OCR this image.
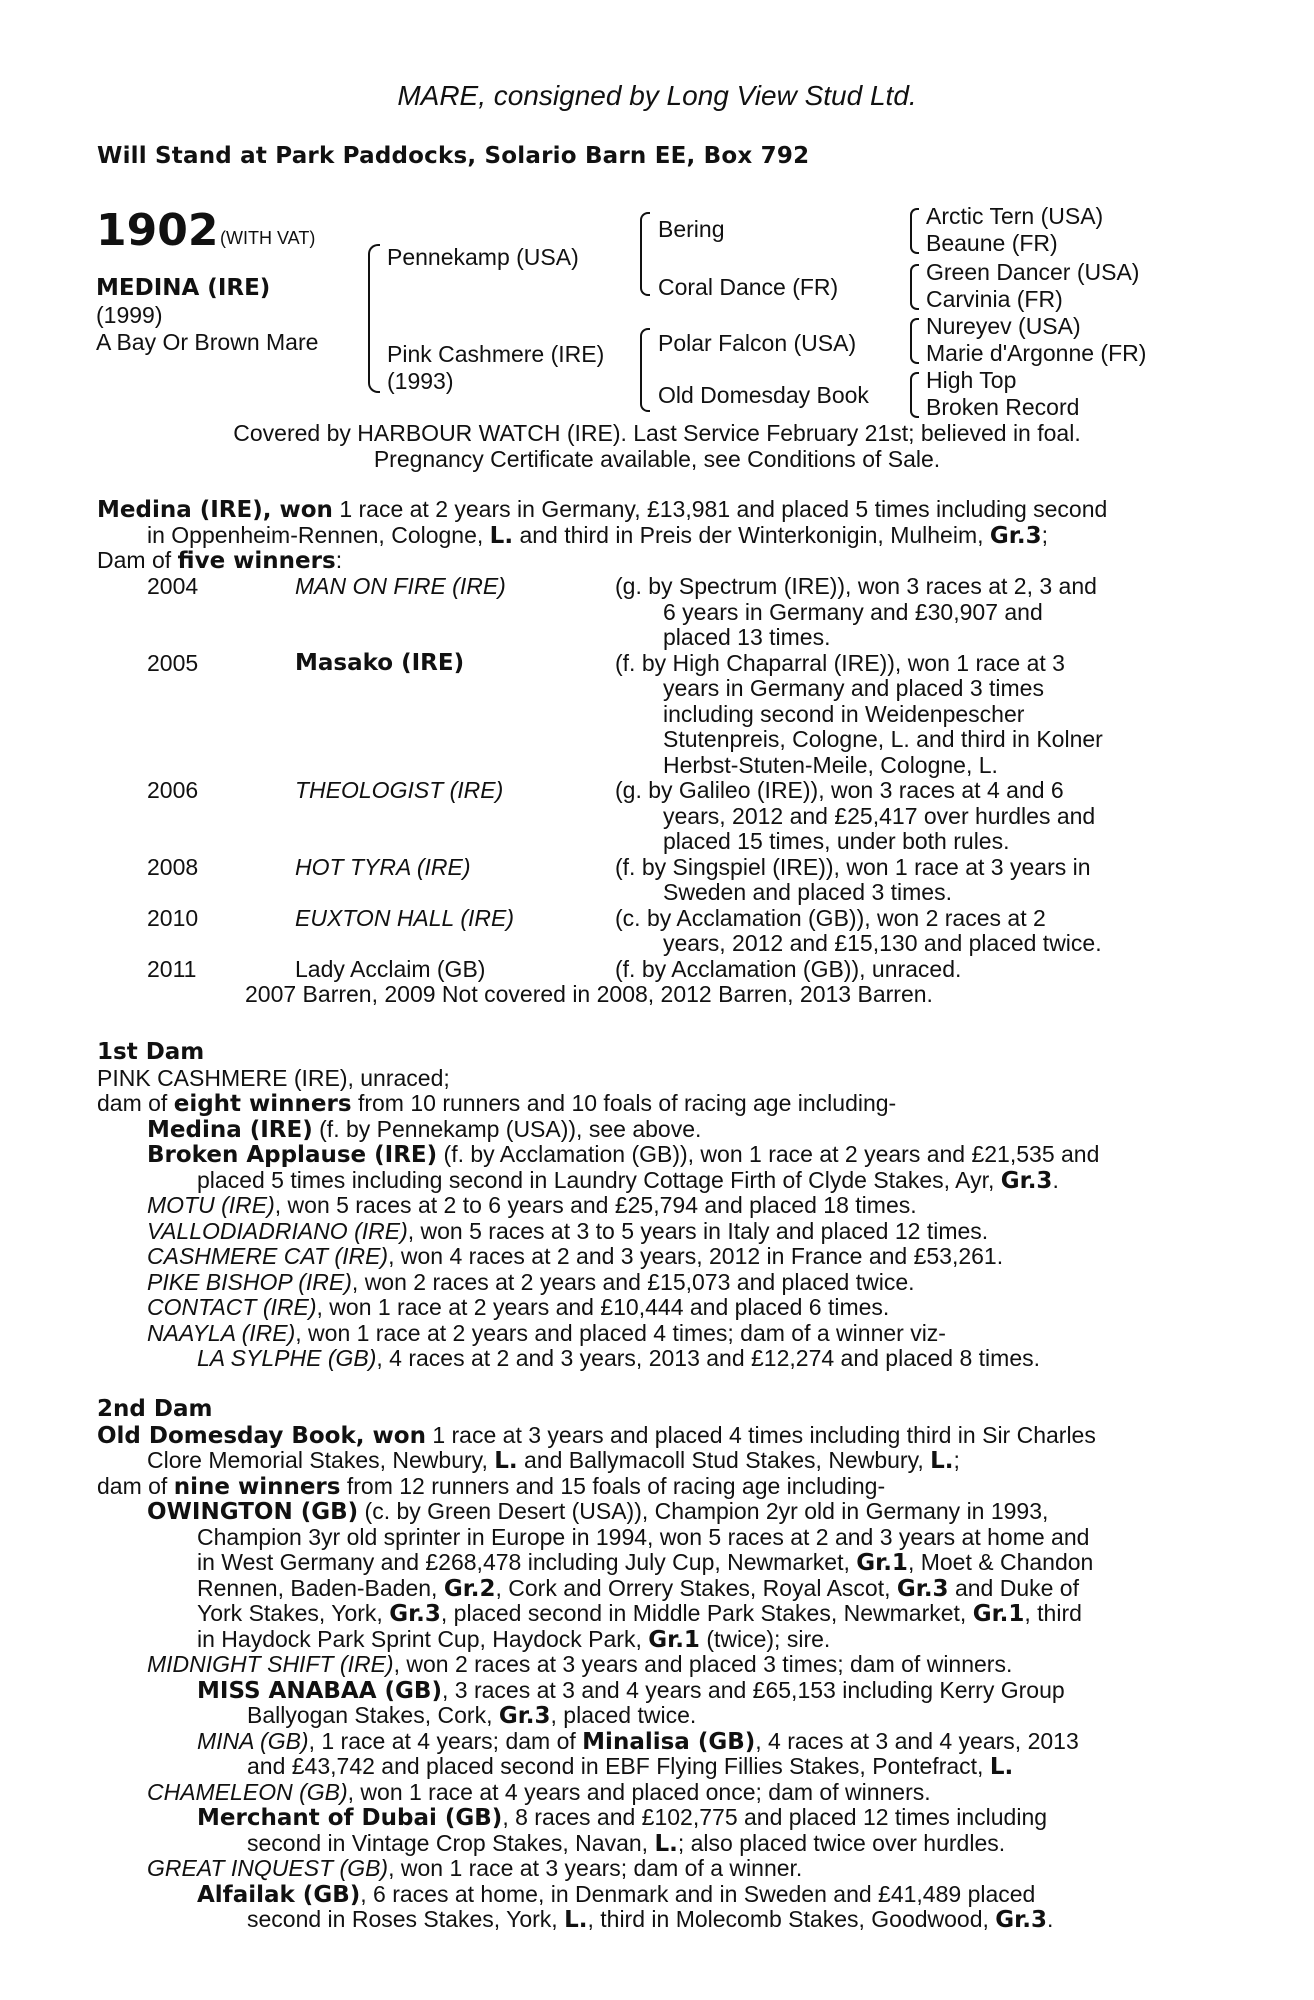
MARE, consigned by Long View Stud Ltd.
Will Stand at Park Paddocks, Solario Barn EE, Box 792
1902 (WITH VAT)
MEDINA (IRE)
(1999)
A Bay Or Brown Mare
Pennekamp (USA)
Pink Cashmere (IRE)
(1993)
Bering
Coral Dance (FR)
Polar Falcon (USA)
Old Domesday Book
Arctic Tern (USA)
Beaune (FR)
Green Dancer (USA)
Carvinia (FR)
Nureyev (USA)
Marie d'Argonne (FR)
High Top
Broken Record
Covered by HARBOUR WATCH (IRE). Last Service February 21st; believed in foal.
Pregnancy Certificate available, see Conditions of Sale.
Medina (IRE), won 1 race at 2 years in Germany, £13,981 and placed 5 times including second
in Oppenheim-Rennen, Cologne, L. and third in Preis der Winterkonigin, Mulheim, Gr.3;
Dam of five winners:
2004	MAN ON FIRE (IRE)	(g. by Spectrum (IRE)), won 3 races at 2, 3 and
6 years in Germany and £30,907 and
placed 13 times.
2005	Masako (IRE)	(f. by High Chaparral (IRE)), won 1 race at 3
years in Germany and placed 3 times
including second in Weidenpescher
Stutenpreis, Cologne, L. and third in Kolner
Herbst-Stuten-Meile, Cologne, L.
2006	THEOLOGIST (IRE)	(g. by Galileo (IRE)), won 3 races at 4 and 6
years, 2012 and £25,417 over hurdles and
placed 15 times, under both rules.
2008	HOT TYRA (IRE)	(f. by Singspiel (IRE)), won 1 race at 3 years in
Sweden and placed 3 times.
2010	EUXTON HALL (IRE)	(c. by Acclamation (GB)), won 2 races at 2
years, 2012 and £15,130 and placed twice.
2011	Lady Acclaim (GB)	(f. by Acclamation (GB)), unraced.
2007 Barren, 2009 Not covered in 2008, 2012 Barren, 2013 Barren.
1st Dam
PINK CASHMERE (IRE), unraced;
dam of eight winners from 10 runners and 10 foals of racing age including-
Medina (IRE) (f. by Pennekamp (USA)), see above.
Broken Applause (IRE) (f. by Acclamation (GB)), won 1 race at 2 years and £21,535 and
placed 5 times including second in Laundry Cottage Firth of Clyde Stakes, Ayr, Gr.3.
MOTU (IRE), won 5 races at 2 to 6 years and £25,794 and placed 18 times.
VALLODIADRIANO (IRE), won 5 races at 3 to 5 years in Italy and placed 12 times.
CASHMERE CAT (IRE), won 4 races at 2 and 3 years, 2012 in France and £53,261.
PIKE BISHOP (IRE), won 2 races at 2 years and £15,073 and placed twice.
CONTACT (IRE), won 1 race at 2 years and £10,444 and placed 6 times.
NAAYLA (IRE), won 1 race at 2 years and placed 4 times; dam of a winner viz-
LA SYLPHE (GB), 4 races at 2 and 3 years, 2013 and £12,274 and placed 8 times.
2nd Dam
Old Domesday Book, won 1 race at 3 years and placed 4 times including third in Sir Charles
Clore Memorial Stakes, Newbury, L. and Ballymacoll Stud Stakes, Newbury, L.;
dam of nine winners from 12 runners and 15 foals of racing age including-
OWINGTON (GB) (c. by Green Desert (USA)), Champion 2yr old in Germany in 1993,
Champion 3yr old sprinter in Europe in 1994, won 5 races at 2 and 3 years at home and
in West Germany and £268,478 including July Cup, Newmarket, Gr.1, Moet & Chandon
Rennen, Baden-Baden, Gr.2, Cork and Orrery Stakes, Royal Ascot, Gr.3 and Duke of
York Stakes, York, Gr.3, placed second in Middle Park Stakes, Newmarket, Gr.1, third
in Haydock Park Sprint Cup, Haydock Park, Gr.1 (twice); sire.
MIDNIGHT SHIFT (IRE), won 2 races at 3 years and placed 3 times; dam of winners.
MISS ANABAA (GB), 3 races at 3 and 4 years and £65,153 including Kerry Group
Ballyogan Stakes, Cork, Gr.3, placed twice.
MINA (GB), 1 race at 4 years; dam of Minalisa (GB), 4 races at 3 and 4 years, 2013
and £43,742 and placed second in EBF Flying Fillies Stakes, Pontefract, L.
CHAMELEON (GB), won 1 race at 4 years and placed once; dam of winners.
Merchant of Dubai (GB), 8 races and £102,775 and placed 12 times including
second in Vintage Crop Stakes, Navan, L.; also placed twice over hurdles.
GREAT INQUEST (GB), won 1 race at 3 years; dam of a winner.
Alfailak (GB), 6 races at home, in Denmark and in Sweden and £41,489 placed
second in Roses Stakes, York, L., third in Molecomb Stakes, Goodwood, Gr.3.
